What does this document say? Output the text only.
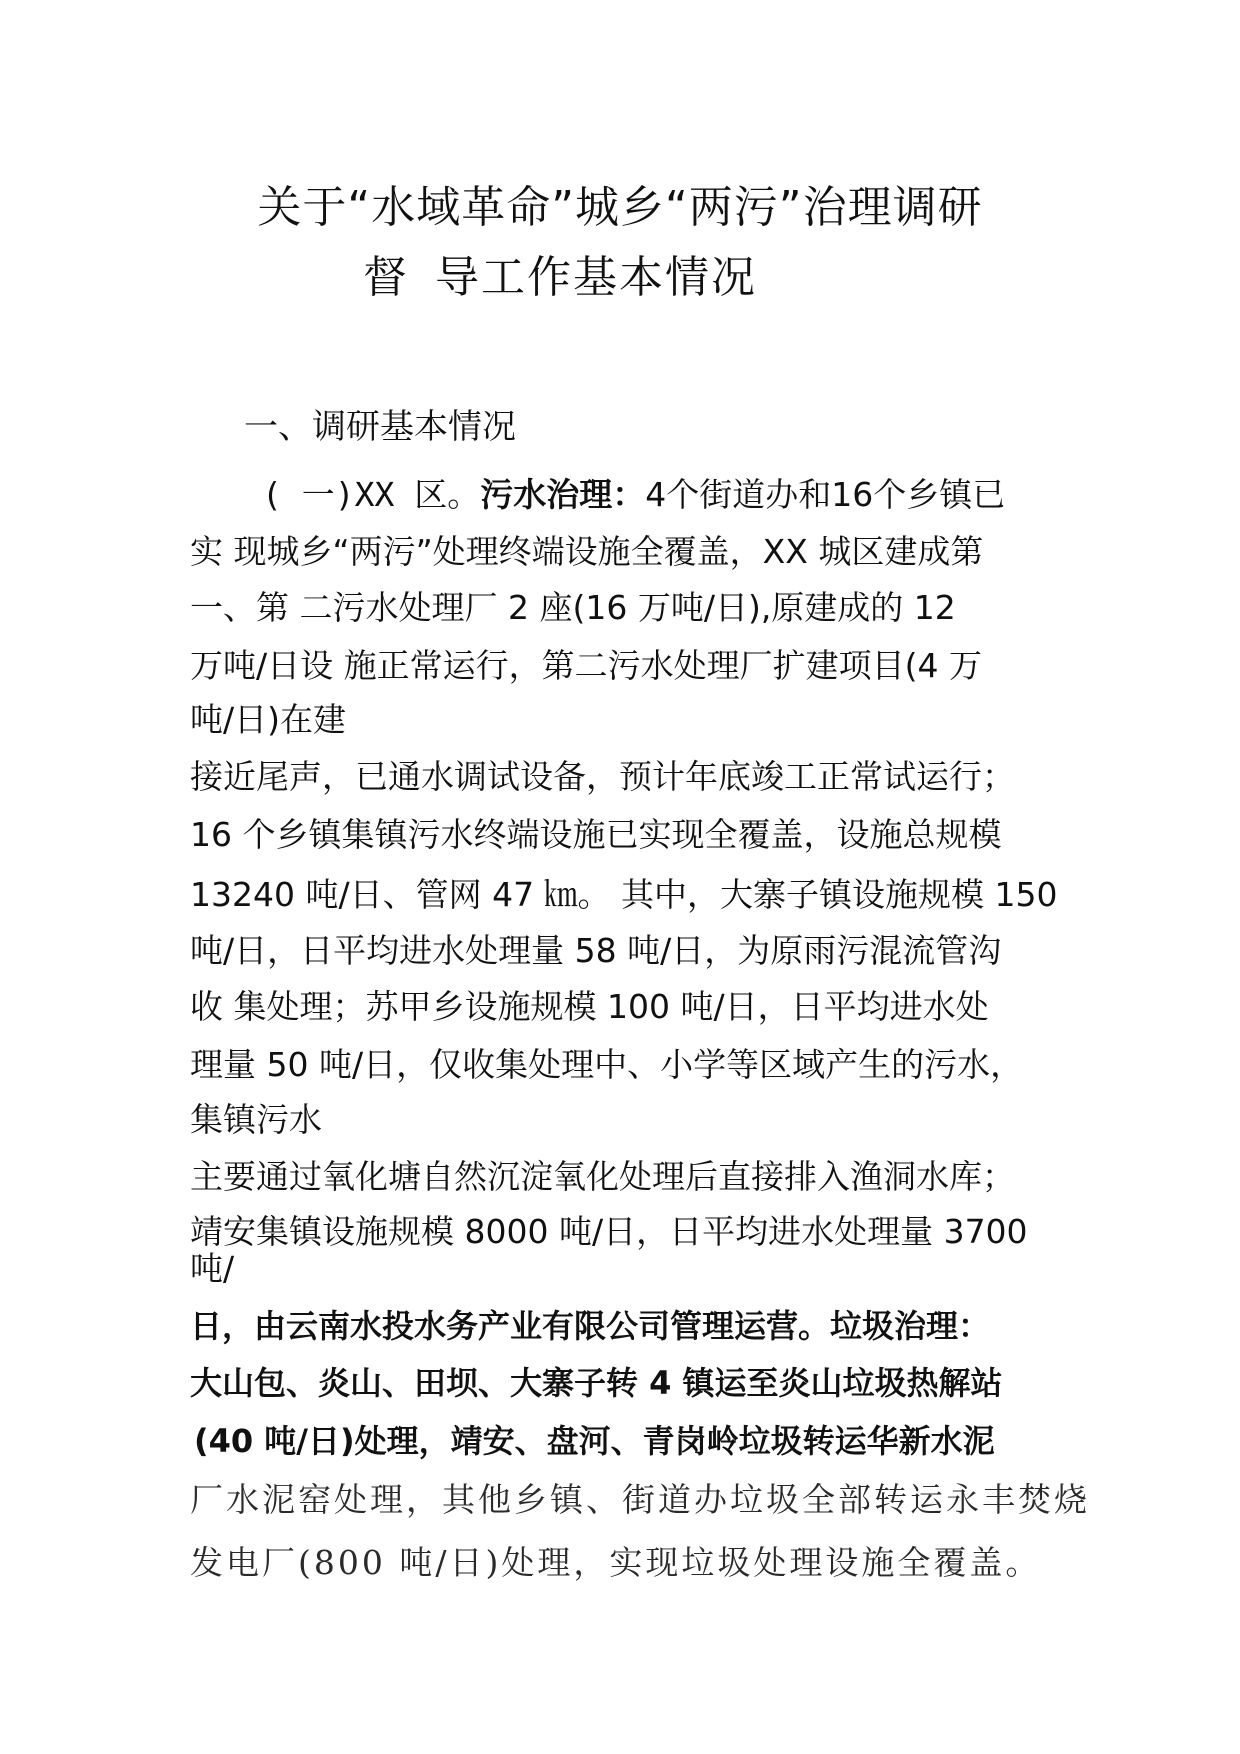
关于“水域革命”城乡“两污”治理调研
督 导工作基本情况
一、调研基本情况
( 一)XX 区。污水治理：4个街道办和16个乡镇已
实 现城乡“两污”处理终端设施全覆盖，XX 城区建成第
一、第 二污水处理厂 2 座(16 万吨/日),原建成的 12
万吨/日设 施正常运行，第二污水处理厂扩建项目(4 万
吨/日)在建
接近尾声，已通水调试设备，预计年底竣工正常试运行；
16 个乡镇集镇污水终端设施已实现全覆盖，设施总规模
13240 吨/日、管网 47 ㎞。 其中，大寨子镇设施规模 150
吨/日，日平均进水处理量 58 吨/日，为原雨污混流管沟
收 集处理；苏甲乡设施规模 100 吨/日，日平均进水处
理量 50 吨/日，仅收集处理中、小学等区域产生的污水，
集镇污水
主要通过氧化塘自然沉淀氧化处理后直接排入渔洞水库；
靖安集镇设施规模 8000 吨/日，日平均进水处理量 3700
吨/
日，由云南水投水务产业有限公司管理运营。垃圾治理：
大山包、炎山、田坝、大寨子转 4 镇运至炎山垃圾热解站
(40 吨/日)处理，靖安、盘河、青岗岭垃圾转运华新水泥
厂水泥窑处理，其他乡镇、街道办垃圾全部转运永丰焚烧
发电厂(800 吨/日)处理，实现垃圾处理设施全覆盖。
